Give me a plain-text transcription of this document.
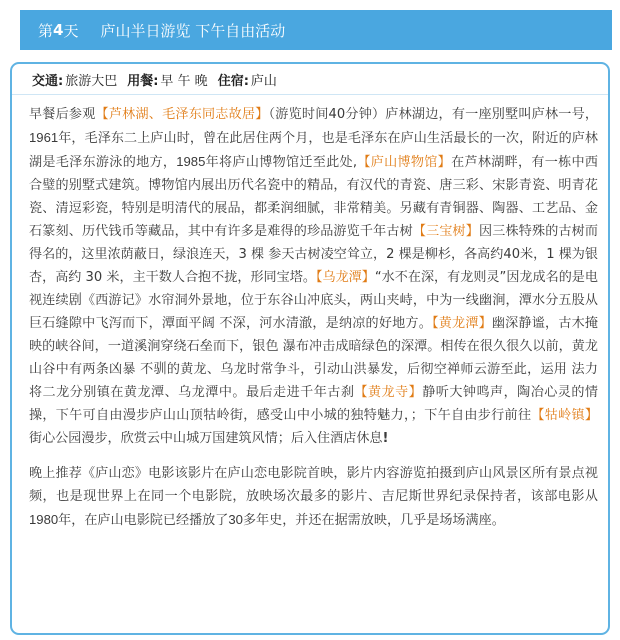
第 4 天 庐山半日游览 下午自由活动
交通: 旅游大巴 用餐: 早 午 晚 住宿: 庐山

早餐后参观【芦林湖、毛泽东同志故居】（游览时间40分钟）庐林湖边，有一座別墅叫庐林一号，1961年，毛泽东二上庐山时，曾在此居住两个月，也是毛泽东在庐山生活最长的一次，附近的庐林湖是毛泽东游泳的地方，1985年将庐山博物馆迁至此处,【庐山博物馆】在芦林湖畔，有一栋中西合璧的别墅式建筑。博物馆内展出历代名瓷中的精品，有汉代的青瓷、唐三彩、宋影青瓷、明青花瓷、清逗彩瓷，特别是明清代的展品，都柔润细腻，非常精美。另藏有青铜器、陶器、工艺品、金石篆刻、历代钱币等藏品，其中有许多是难得的珍品游览千年古树【三宝树】因三株特殊的古树而得名的，这里浓荫蔽日，绿浪连天，3 棵 参天古树凌空耸立，2 棵是柳杉，各高约40米，1 棵为银杏，高约 30 米，主干数人合抱不拢，形同宝塔。【乌龙潭】“水不在深，有龙则灵”因龙成名的是电视连续剧《西游记》水帘洞外景地，位于东谷山冲底头，两山夹峙，中为一线幽涧，潭水分五股从巨石缝隙中飞泻而下，潭面平阔 不深，河水清澈，是纳凉的好地方。【黄龙潭】幽深静谧，古木掩映的峡谷间，一道溪涧穿绕石垒而下，银色 瀑布冲击成暗绿色的深潭。相传在很久很久以前，黄龙山谷中有两条凶暴 不驯的黄龙、乌龙时常争斗，引动山洪暴发，后彻空禅师云游至此，运用 法力将二龙分别镇在黄龙潭、乌龙潭中。最后走进千年古刹【黄龙寺】静听大钟鸣声，陶冶心灵的情操，下午可自由漫步庐山山顶牯岭街，感受山中小城的独特魅力，；下午自由步行前往【牯岭镇】街心公园漫步，欣赏云中山城万国建筑风情；后入住酒店休息!

晚上推荐《庐山恋》电影该影片在庐山恋电影院首映，影片内容游览拍摄到庐山风景区所有景点视频，也是现世界上在同一个电影院，放映场次最多的影片、吉尼斯世界纪录保持者，该部电影从1980年，在庐山电影院已经播放了30多年史，并还在据需放映，几乎是场场满座。
